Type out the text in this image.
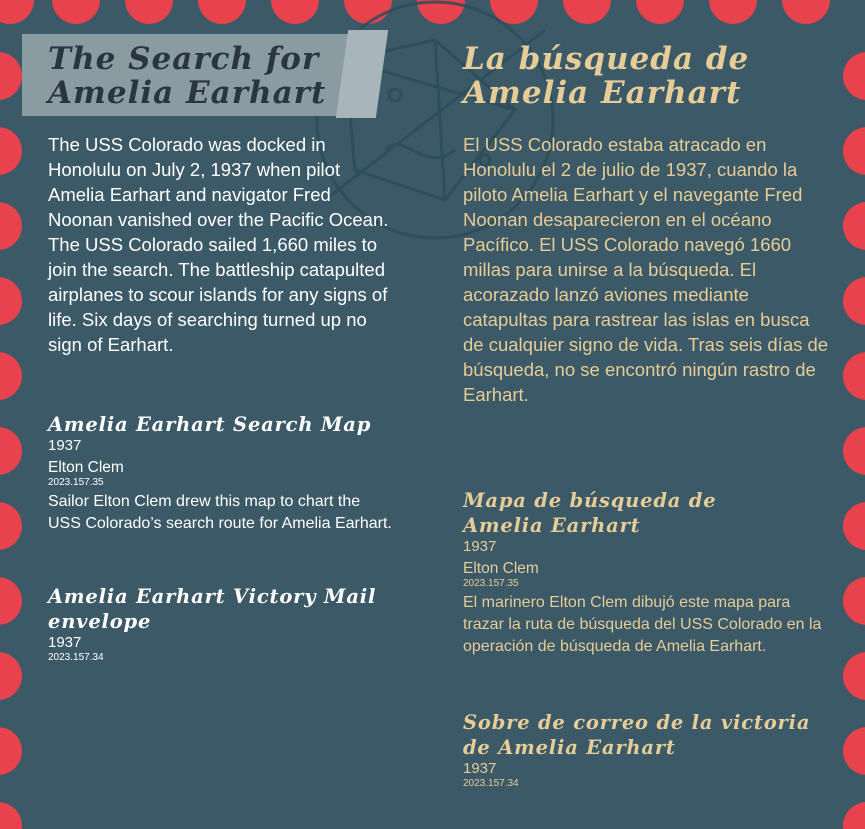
The Search for Amelia Earhart
La búsqueda de Amelia Earhart

The USS Colorado was docked in Honolulu on July 2, 1937 when pilot Amelia Earhart and navigator Fred Noonan vanished over the Pacific Ocean. The USS Colorado sailed 1,660 miles to join the search. The battleship catapulted airplanes to scour islands for any signs of life. Six days of searching turned up no sign of Earhart.

El USS Colorado estaba atracado en Honolulu el 2 de julio de 1937, cuando la piloto Amelia Earhart y el navegante Fred Noonan desaparecieron en el océano Pacífico. El USS Colorado navegó 1660 millas para unirse a la búsqueda. El acorazado lanzó aviones mediante catapultas para rastrear las islas en busca de cualquier signo de vida. Tras seis días de búsqueda, no se encontró ningún rastro de Earhart.

Amelia Earhart Search Map

1937

Elton Clem

2023.157.35

Sailor Elton Clem drew this map to chart the USS Colorado’s search route for Amelia Earhart.

Amelia Earhart Victory Mail envelope

1937

2023.157.34

Mapa de búsqueda de Amelia Earhart

1937

Elton Clem

2023.157.35

El marinero Elton Clem dibujó este mapa para trazar la ruta de búsqueda del USS Colorado en la operación de búsqueda de Amelia Earhart.

Sobre de correo de la victoria de Amelia Earhart

1937

2023.157.34
